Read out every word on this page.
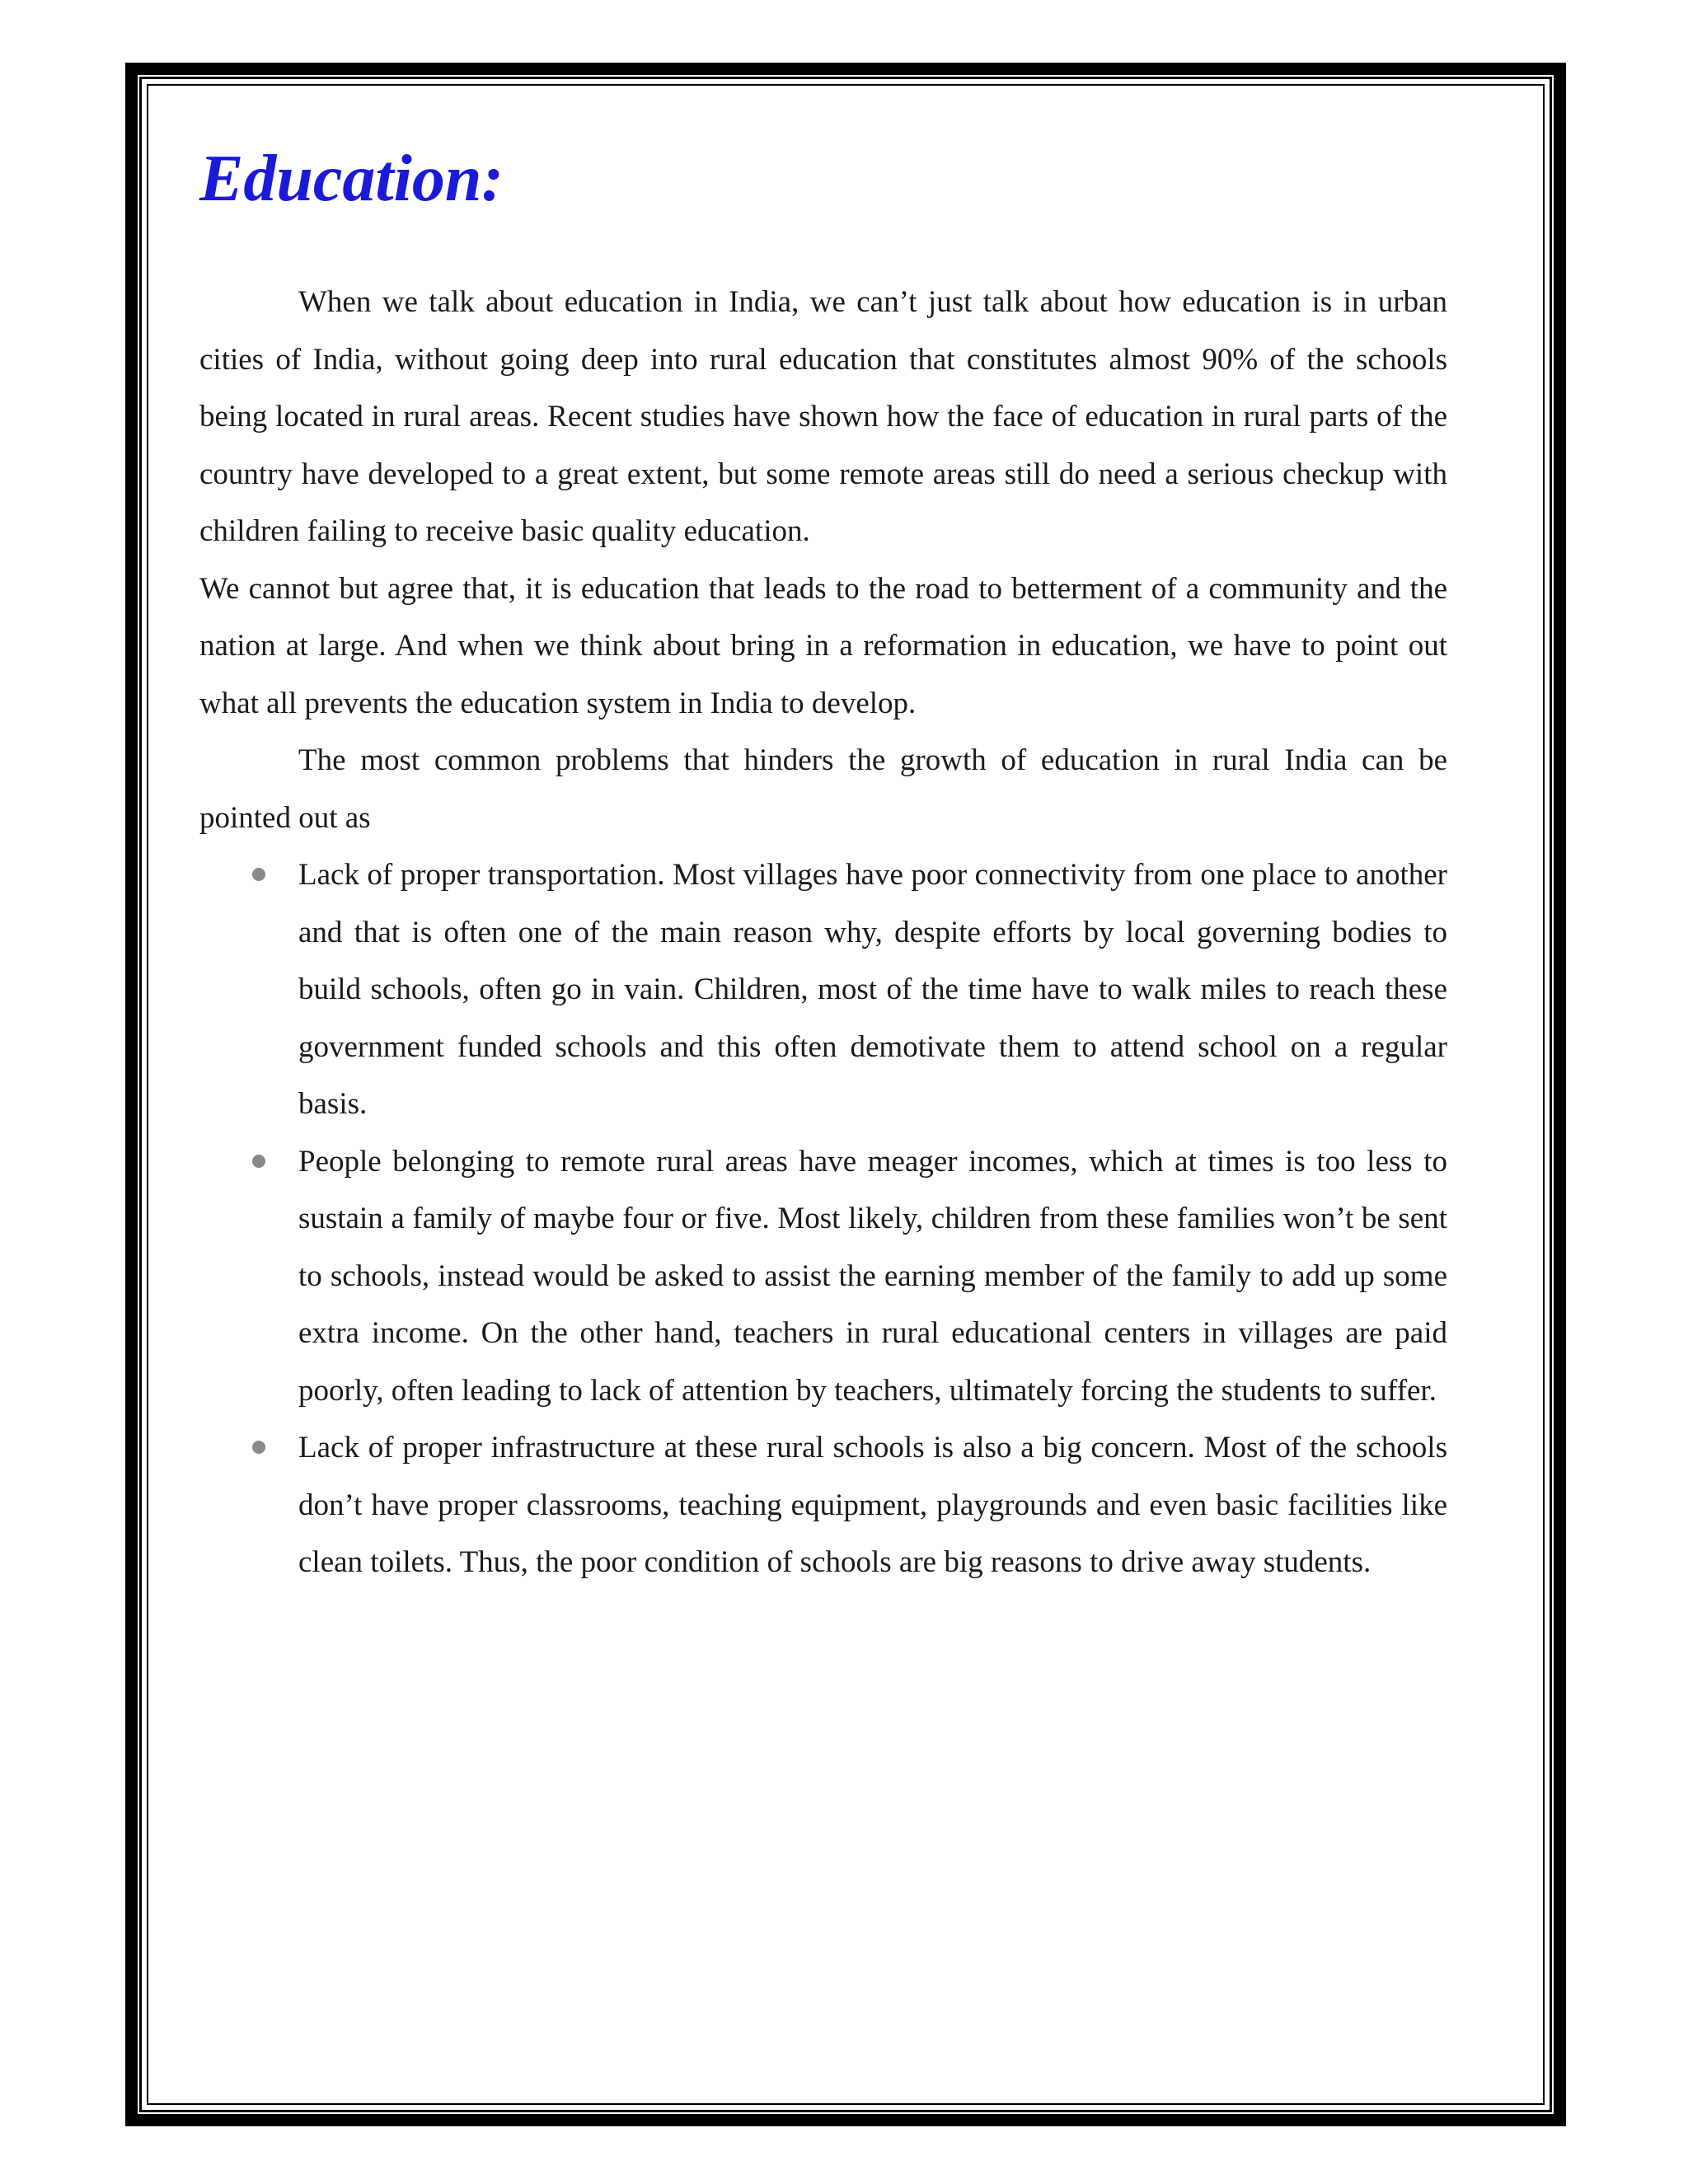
Education:

When we talk about education in India, we can’t just talk about how education is in urban cities of India, without going deep into rural education that constitutes almost 90% of the schools being located in rural areas. Recent studies have shown how the face of education in rural parts of the country have developed to a great extent, but some remote areas still do need a serious checkup with children failing to receive basic quality education.

We cannot but agree that, it is education that leads to the road to betterment of a community and the nation at large. And when we think about bring in a reformation in education, we have to point out what all prevents the education system in India to develop.

The most common problems that hinders the growth of education in rural India can be pointed out as

Lack of proper transportation. Most villages have poor connectivity from one place to another and that is often one of the main reason why, despite efforts by local governing bodies to build schools, often go in vain. Children, most of the time have to walk miles to reach these government funded schools and this often demotivate them to attend school on a regular basis.
People belonging to remote rural areas have meager incomes, which at times is too less to sustain a family of maybe four or five. Most likely, children from these families won’t be sent to schools, instead would be asked to assist the earning member of the family to add up some extra income. On the other hand, teachers in rural educational centers in villages are paid poorly, often leading to lack of attention by teachers, ultimately forcing the students to suffer.
Lack of proper infrastructure at these rural schools is also a big concern. Most of the schools don’t have proper classrooms, teaching equipment, playgrounds and even basic facilities like clean toilets. Thus, the poor condition of schools are big reasons to drive away students.
